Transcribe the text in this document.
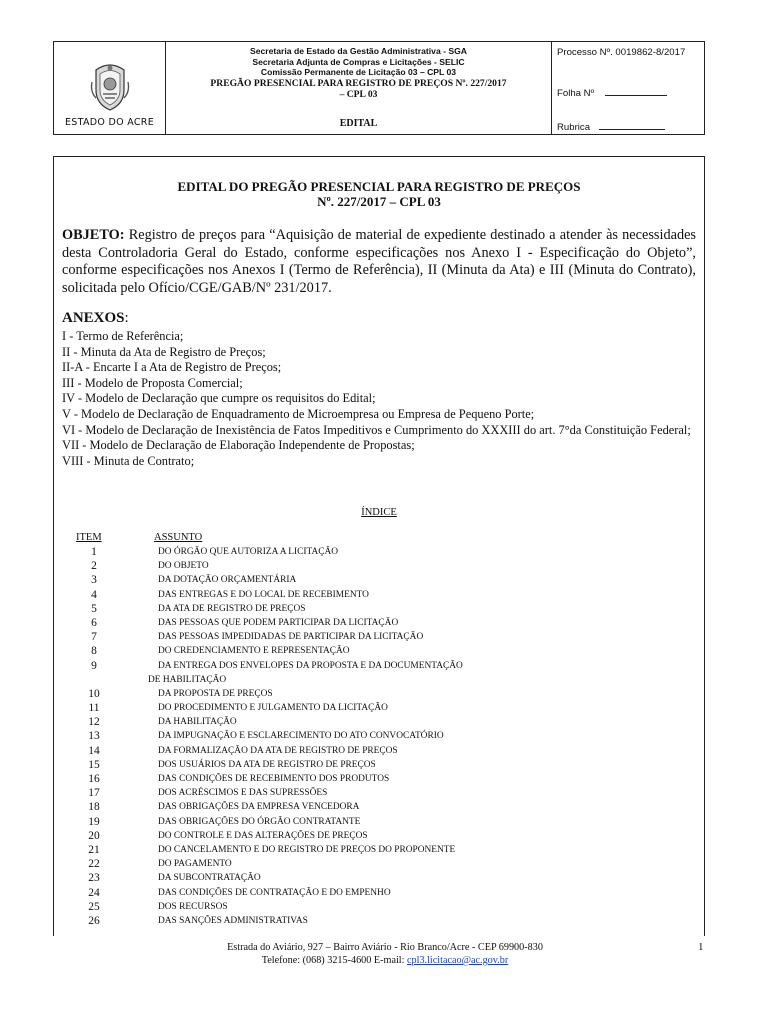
ESTADO DO ACRE
Secretaria de Estado da Gestão Administrativa - SGA
Secretaria Adjunta de Compras e Licitações - SELIC
Comissão Permanente de Licitação 03 – CPL 03
PREGÃO PRESENCIAL PARA REGISTRO DE PREÇOS Nº. 227/2017
– CPL 03
EDITAL
Processo Nº. 0019862-8/2017
Folha Nº
Rubrica
EDITAL DO PREGÃO PRESENCIAL PARA REGISTRO DE PREÇOS
Nº. 227/2017 – CPL 03
OBJETO: Registro de preços para “Aquisição de material de expediente destinado a atender às necessidades desta Controladoria Geral do Estado, conforme especificações nos Anexo I - Especificação do Objeto”, conforme especificações nos Anexos I (Termo de Referência), II (Minuta da Ata) e III (Minuta do Contrato), solicitada pelo Ofício/CGE/GAB/Nº 231/2017.
ANEXOS:
I - Termo de Referência;
II - Minuta da Ata de Registro de Preços;
II-A - Encarte I a Ata de Registro de Preços;
III - Modelo de Proposta Comercial;
IV - Modelo de Declaração que cumpre os requisitos do Edital;
V - Modelo de Declaração de Enquadramento de Microempresa ou Empresa de Pequeno Porte;
VI - Modelo de Declaração de Inexistência de Fatos Impeditivos e Cumprimento do XXXIII do art. 7°da Constituição Federal;
VII - Modelo de Declaração de Elaboração Independente de Propostas;
VIII - Minuta de Contrato;
ÍNDICE
ITEM	ASSUNTO
1	DO ÓRGÃO QUE AUTORIZA A LICITAÇÃO
2	DO OBJETO
3	DA DOTAÇÃO ORÇAMENTÁRIA
4	DAS ENTREGAS E DO LOCAL DE RECEBIMENTO
5	DA ATA DE REGISTRO DE PREÇOS
6	DAS PESSOAS QUE PODEM PARTICIPAR DA LICITAÇÃO
7	DAS PESSOAS IMPEDIDADAS DE PARTICIPAR DA LICITAÇÃO
8	DO CREDENCIAMENTO E REPRESENTAÇÃO
9	DA ENTREGA DOS ENVELOPES DA PROPOSTA E DA DOCUMENTAÇÃO
DE HABILITAÇÃO
10	DA PROPOSTA DE PREÇOS
11	DO PROCEDIMENTO E JULGAMENTO DA LICITAÇÃO
12	DA HABILITAÇÃO
13	DA IMPUGNAÇÃO E ESCLARECIMENTO DO ATO CONVOCATÓRIO
14	DA FORMALIZAÇÃO DA ATA DE REGISTRO DE PREÇOS
15	DOS USUÁRIOS DA ATA DE REGISTRO DE PREÇOS
16	DAS CONDIÇÕES DE RECEBIMENTO DOS PRODUTOS
17	DOS ACRÉSCIMOS E DAS SUPRESSÕES
18	DAS OBRIGAÇÕES DA EMPRESA VENCEDORA
19	DAS OBRIGAÇÕES DO ÓRGÃO CONTRATANTE
20	DO CONTROLE E DAS ALTERAÇÕES DE PREÇOS
21	DO CANCELAMENTO E DO REGISTRO DE PREÇOS DO PROPONENTE
22	DO PAGAMENTO
23	DA SUBCONTRATAÇÃO
24	DAS CONDIÇÕES DE CONTRATAÇÃO E DO EMPENHO
25	DOS RECURSOS
26	DAS SANÇÕES ADMINISTRATIVAS
Estrada do Aviário, 927 – Bairro Aviário - Rio Branco/Acre - CEP 69900-830
Telefone: (068) 3215-4600 E-mail: cpl3.licitacao@ac.gov.br
1
